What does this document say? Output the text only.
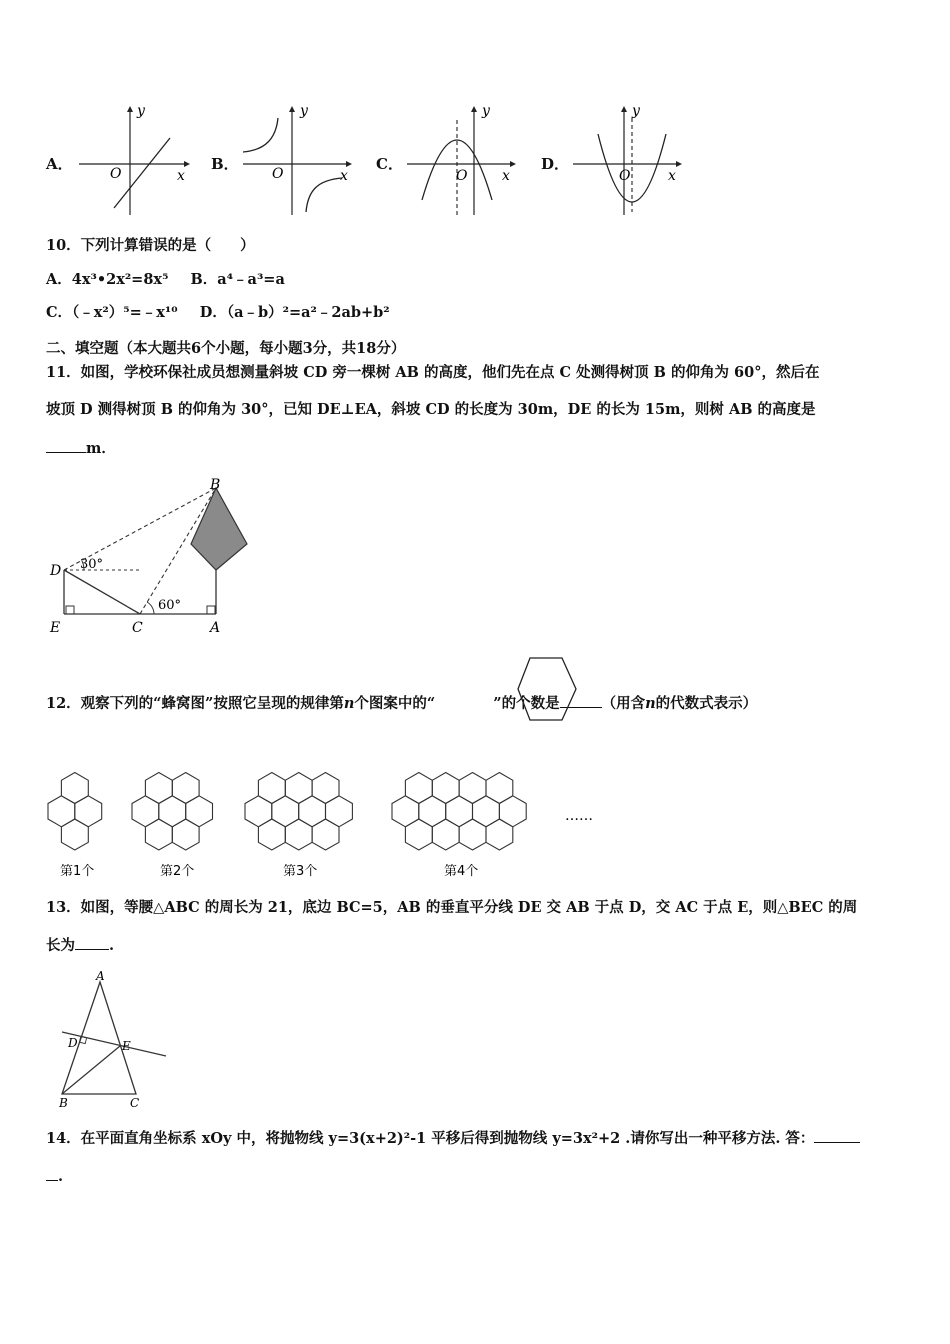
A．
y
x
O
B．
y
x
O
C．
y
x
O
D．
y
x
O
10．下列计算错误的是（　　）
A．4x³•2x²=8x⁵ B．a⁴﹣a³=a
C．（﹣x²）⁵=﹣x¹⁰ D．（a﹣b）²=a²﹣2ab+b²
二、填空题（本大题共6个小题，每小题3分，共18分）
11．如图，学校环保社成员想测量斜坡 CD 旁一棵树 AB 的高度，他们先在点 C 处测得树顶 B 的仰角为 60°，然后在
坡顶 D 测得树顶 B 的仰角为 30°，已知 DE⊥EA，斜坡 CD 的长度为 30m，DE 的长为 15m，则树 AB 的高度是
m．
B
D
E	C	A
30°
60°
12．观察下列的“蜂窝图”按照它呈现的规律第n个图案中的“	”的个数是	（用含n的代数式表示）
第1个	第2个	第3个	第4个
……
13．如图，等腰△ABC 的周长为 21，底边 BC=5，AB 的垂直平分线 DE 交 AB 于点 D，交 AC 于点 E，则△BEC 的周
长为 .
A
D	E
B	C
14．在平面直角坐标系 xOy 中，将抛物线 y=3(x+2)²-1 平移后得到抛物线 y=3x²+2 .请你写出一种平移方法. 答：
.
